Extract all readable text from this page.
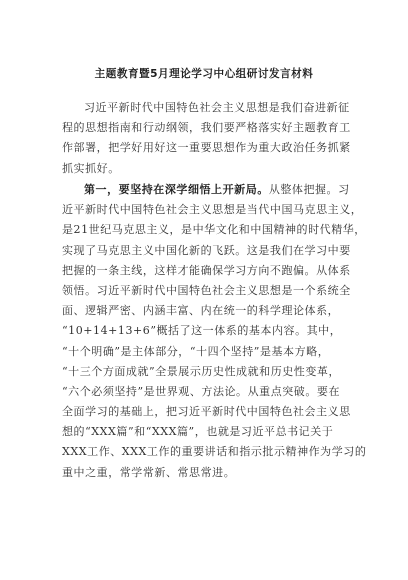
主题教育暨5月理论学习中心组研讨发言材料
习近平新时代中国特色社会主义思想是我们奋进新征
程的思想指南和行动纲领，我们要严格落实好主题教育工
作部署，把学好用好这一重要思想作为重大政治任务抓紧
抓实抓好。
第一，要坚持在深学细悟上开新局。从整体把握。习
近平新时代中国特色社会主义思想是当代中国马克思主义，
是21世纪马克思主义，是中华文化和中国精神的时代精华，
实现了马克思主义中国化新的飞跃。这是我们在学习中要
把握的一条主线，这样才能确保学习方向不跑偏。从体系
领悟。习近平新时代中国特色社会主义思想是一个系统全
面、逻辑严密、内涵丰富、内在统一的科学理论体系，
“10+14+13+6”概括了这一体系的基本内容。其中，
“十个明确”是主体部分，“十四个坚持”是基本方略，
“十三个方面成就”全景展示历史性成就和历史性变革，
“六个必须坚持”是世界观、方法论。从重点突破。要在
全面学习的基础上，把习近平新时代中国特色社会主义思
想的“XXX篇”和“XXX篇”，也就是习近平总书记关于
XXX工作、XXX工作的重要讲话和指示批示精神作为学习的
重中之重，常学常新、常思常进。
